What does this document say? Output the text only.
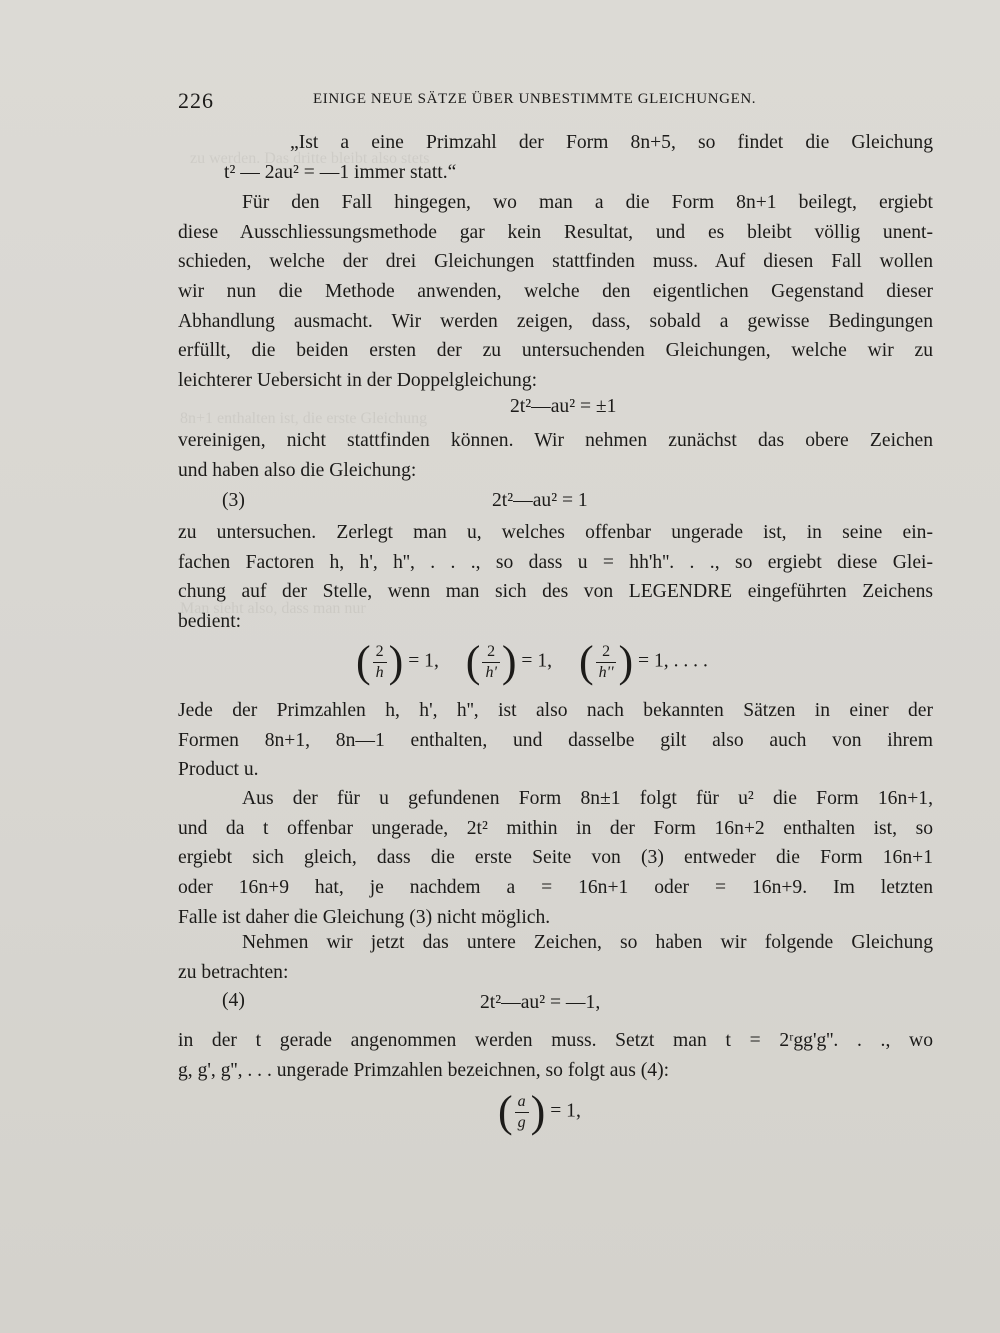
zu werden. Das dritte bleibt also stets
8n+1 enthalten ist, die erste Gleichung
Man sieht also, dass man nur
226	EINIGE NEUE SÄTZE ÜBER UNBESTIMMTE GLEICHUNGEN.
„Ist a eine Primzahl der Form 8n+5, so findet die Gleichung
t² — 2au² = —1 immer statt.“
Für den Fall hingegen, wo man a die Form 8n+1 beilegt, ergiebt
diese Ausschliessungsmethode gar kein Resultat, und es bleibt völlig unent-
schieden, welche der drei Gleichungen stattfinden muss. Auf diesen Fall wollen
wir nun die Methode anwenden, welche den eigentlichen Gegenstand dieser
Abhandlung ausmacht. Wir werden zeigen, dass, sobald a gewisse Bedingungen
erfüllt, die beiden ersten der zu untersuchenden Gleichungen, welche wir zu
leichterer Uebersicht in der Doppelgleichung:
2t²—au² = ±1
vereinigen, nicht stattfinden können. Wir nehmen zunächst das obere Zeichen
und haben also die Gleichung:
(3)	2t²—au² = 1
zu untersuchen. Zerlegt man u, welches offenbar ungerade ist, in seine ein-
fachen Factoren h, h', h'', . . ., so dass u = hh'h''. . ., so ergiebt diese Glei-
chung auf der Stelle, wenn man sich des von LEGENDRE eingeführten Zeichens
bedient:
( $\frac{2}{h}$ ) = 1, ( $\frac{2}{h'}$ ) = 1, ( $\frac{2}{h''}$ ) = 1, . . . .
Jede der Primzahlen h, h', h'', ist also nach bekannten Sätzen in einer der
Formen 8n+1, 8n—1 enthalten, und dasselbe gilt also auch von ihrem
Product u.
Aus der für u gefundenen Form 8n±1 folgt für u² die Form 16n+1,
und da t offenbar ungerade, 2t² mithin in der Form 16n+2 enthalten ist, so
ergiebt sich gleich, dass die erste Seite von (3) entweder die Form 16n+1
oder 16n+9 hat, je nachdem a = 16n+1 oder = 16n+9. Im letzten
Falle ist daher die Gleichung (3) nicht möglich.
Nehmen wir jetzt das untere Zeichen, so haben wir folgende Gleichung
zu betrachten:
(4)	2t²—au² = —1,
in der t gerade angenommen werden muss. Setzt man t = 2ʳgg'g''. . ., wo
g, g', g'', . . . ungerade Primzahlen bezeichnen, so folgt aus (4):
( $\frac{a}{g}$ ) = 1,
